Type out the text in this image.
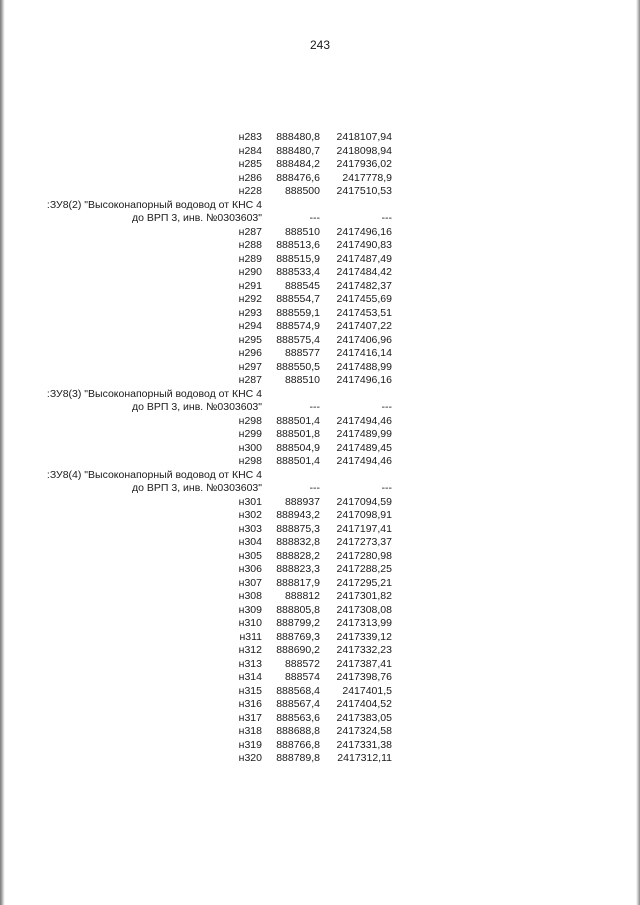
243
н283 888480,8 2418107,94
н284 888480,7 2418098,94
н285 888484,2 2417936,02
н286 888476,6 2417778,9
н228 888500 2417510,53
:ЗУ8(2) "Высоконапорный водовод от КНС 4
до ВРП 3, инв. №0303603"	---	---
н287 888510 2417496,16
н288 888513,6 2417490,83
н289 888515,9 2417487,49
н290 888533,4 2417484,42
н291 888545 2417482,37
н292 888554,7 2417455,69
н293 888559,1 2417453,51
н294 888574,9 2417407,22
н295 888575,4 2417406,96
н296 888577 2417416,14
н297 888550,5 2417488,99
н287 888510 2417496,16
:ЗУ8(3) "Высоконапорный водовод от КНС 4
до ВРП 3, инв. №0303603"	---	---
н298 888501,4 2417494,46
н299 888501,8 2417489,99
н300 888504,9 2417489,45
н298 888501,4 2417494,46
:ЗУ8(4) "Высоконапорный водовод от КНС 4
до ВРП 3, инв. №0303603"	---	---
н301 888937 2417094,59
н302 888943,2 2417098,91
н303 888875,3 2417197,41
н304 888832,8 2417273,37
н305 888828,2 2417280,98
н306 888823,3 2417288,25
н307 888817,9 2417295,21
н308 888812 2417301,82
н309 888805,8 2417308,08
н310 888799,2 2417313,99
н311 888769,3 2417339,12
н312 888690,2 2417332,23
н313 888572 2417387,41
н314 888574 2417398,76
н315 888568,4 2417401,5
н316 888567,4 2417404,52
н317 888563,6 2417383,05
н318 888688,8 2417324,58
н319 888766,8 2417331,38
н320 888789,8 2417312,11
